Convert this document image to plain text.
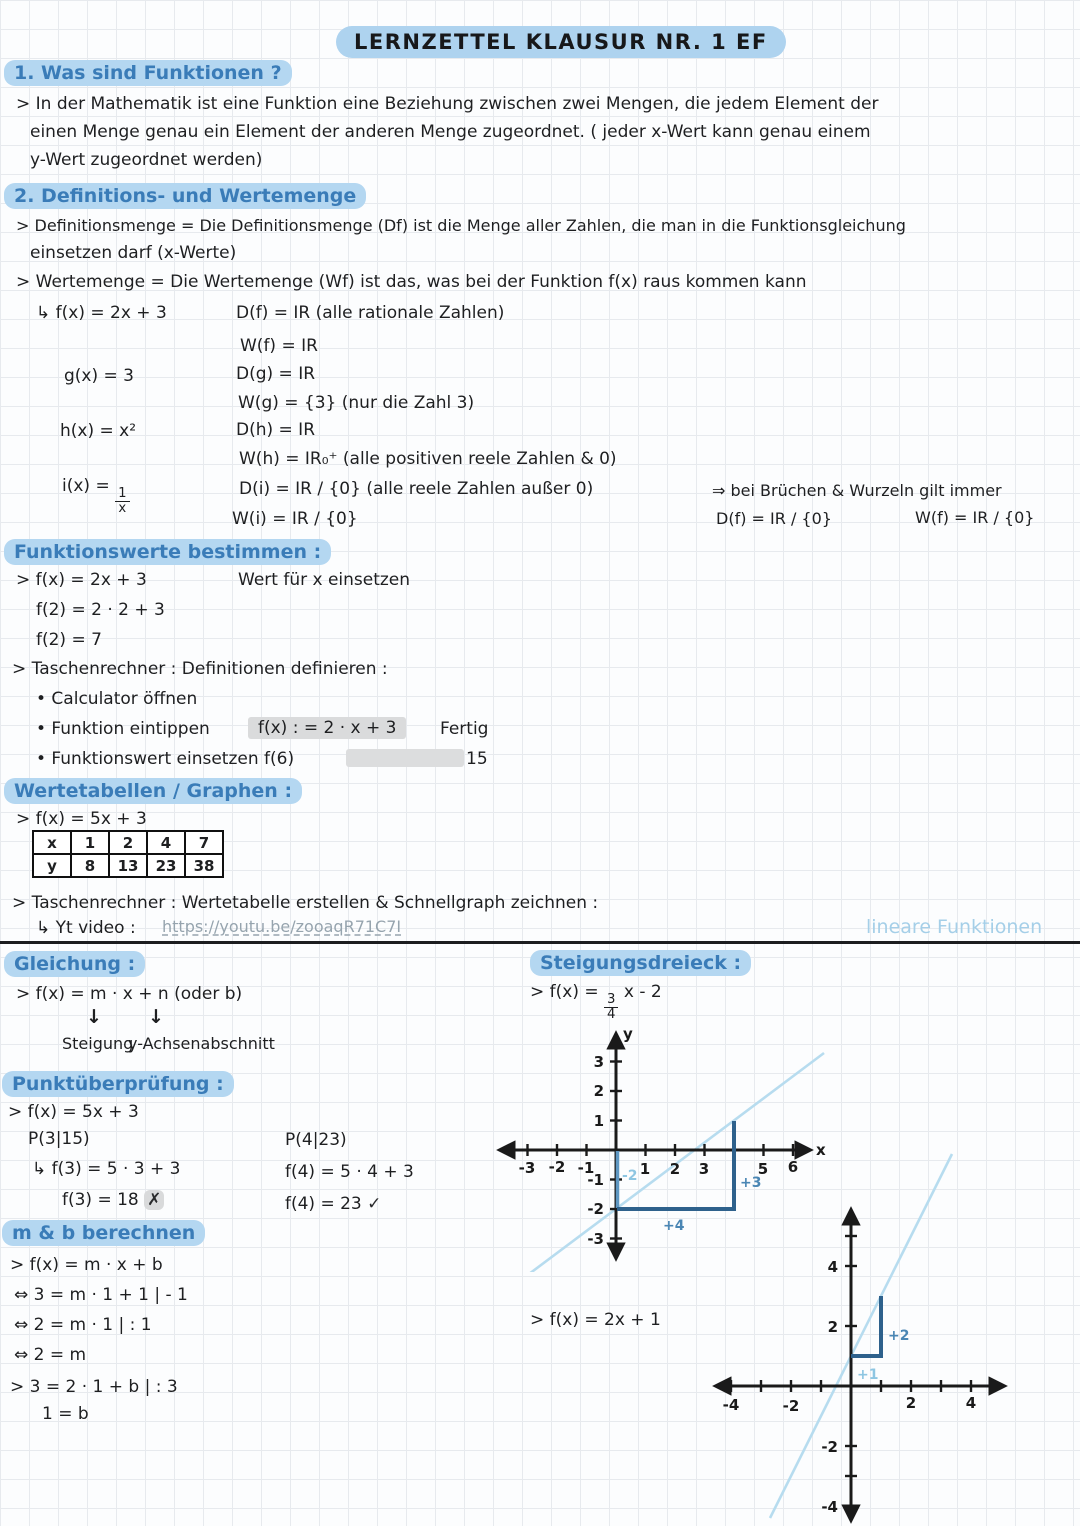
LERNZETTEL KLAUSUR NR. 1 EF
1. Was sind Funktionen ?
> In der Mathematik ist eine Funktion eine Beziehung zwischen zwei Mengen, die jedem Element der
einen Menge genau ein Element der anderen Menge zugeordnet. ( jeder x-Wert kann genau einem
y-Wert zugeordnet werden)
2. Definitions- und Wertemenge
> Definitionsmenge = Die Definitionsmenge (Df) ist die Menge aller Zahlen, die man in die Funktionsgleichung
einsetzen darf (x-Werte)
> Wertemenge = Die Wertemenge (Wf) ist das, was bei der Funktion f(x) raus kommen kann
↳ f(x) = 2x + 3	D(f) = IR (alle rationale Zahlen)
W(f) = IR
g(x) = 3	D(g) = IR
W(g) = {3} (nur die Zahl 3)
h(x) = x²	D(h) = IR
W(h) = IR₀⁺ (alle positiven reele Zahlen & 0)
i(x) =
$\frac{1}{x}$	D(i) = IR / {0} (alle reele Zahlen außer 0)
W(i) = IR / {0}
⇒ bei Brüchen & Wurzeln gilt immer
D(f) = IR / {0}	W(f) = IR / {0}
Funktionswerte bestimmen :
> f(x) = 2x + 3	Wert für x einsetzen
f(2) = 2 · 2 + 3
f(2) = 7
> Taschenrechner : Definitionen definieren :
• Calculator öffnen
• Funktion eintippen	f(x) : = 2 · x + 3	Fertig
• Funktionswert einsetzen f(6)	15
Wertetabellen / Graphen :
> f(x) = 5x + 3
x	1	2	4	7
y	8	13	23	38
> Taschenrechner : Wertetabelle erstellen & Schnellgraph zeichnen :
↳ Yt video : https://youtu.be/zooaqR71C7I	lineare Funktionen
Gleichung :
> f(x) = m · x + n (oder b)
↓ ↓
Steigung
y-Achsenabschnitt
Steigungsdreieck :
> f(x) =
$\frac{3}{4}$
x - 2
-3 -2 -1	1 2 3	5 6
3
2
1
-1
-2
-3
y
x
-2
+4
+3
Punktüberprüfung :
> f(x) = 5x + 3
P(3|15)
↳ f(3) = 5 · 3 + 3
f(3) = 18 ✗
P(4|23)
f(4) = 5 · 4 + 3
f(4) = 23 ✓
m & b berechnen
> f(x) = m · x + b
⇔ 3 = m · 1 + 1 | - 1
⇔ 2 = m · 1 | : 1
⇔ 2 = m
> 3 = 2 · 1 + b | : 3
1 = b
> f(x) = 2x + 1
-4	-2	2	4
4
2
-2
-4
+2
+1
